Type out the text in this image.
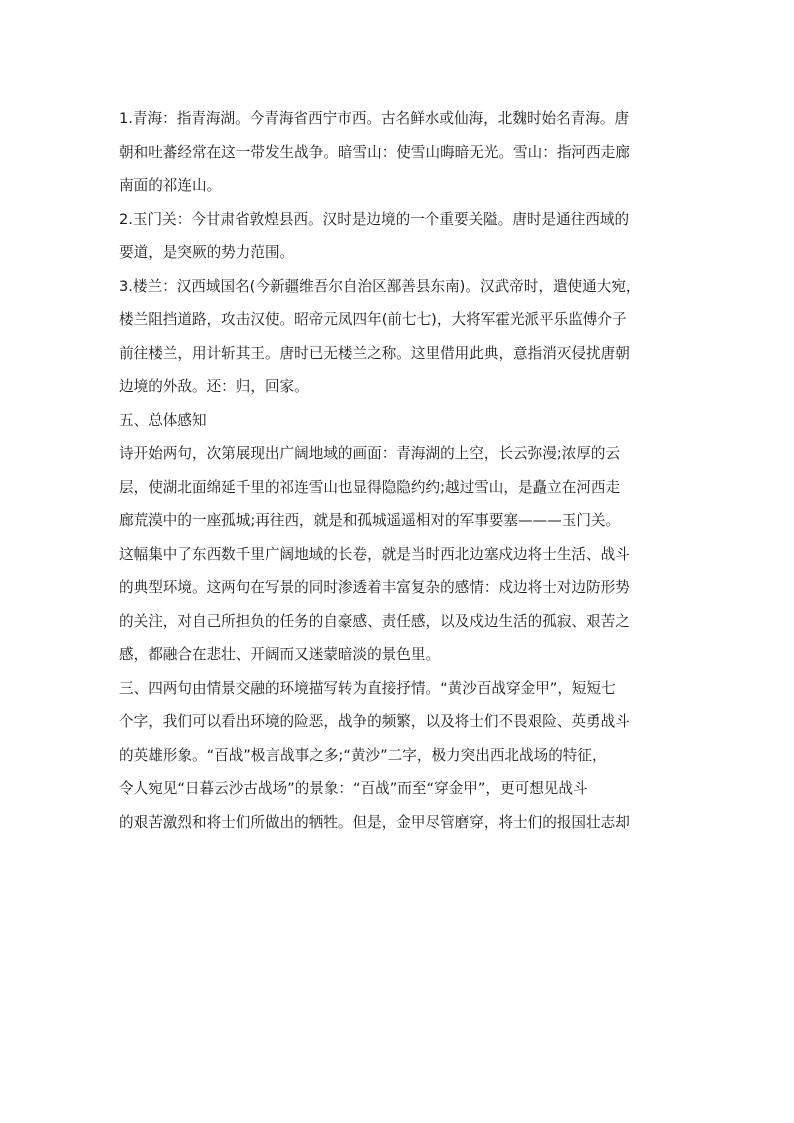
1.青海：指青海湖。今青海省西宁市西。古名鲜水或仙海，北魏时始名青海。唐
朝和吐蕃经常在这一带发生战争。暗雪山：使雪山晦暗无光。雪山：指河西走廊
南面的祁连山。
2.玉门关：今甘肃省敦煌县西。汉时是边境的一个重要关隘。唐时是通往西域的
要道，是突厥的势力范围。
3.楼兰：汉西域国名(今新疆维吾尔自治区鄯善县东南)。汉武帝时，遣使通大宛，
楼兰阻挡道路，攻击汉使。昭帝元凤四年(前七七)，大将军霍光派平乐监傅介子
前往楼兰，用计斩其王。唐时已无楼兰之称。这里借用此典，意指消灭侵扰唐朝
边境的外敌。还：归，回家。
五、总体感知
诗开始两句，次第展现出广阔地域的画面：青海湖的上空，长云弥漫;浓厚的云
层，使湖北面绵延千里的祁连雪山也显得隐隐约约;越过雪山，是矗立在河西走
廊荒漠中的一座孤城;再往西，就是和孤城遥遥相对的军事要塞———玉门关。
这幅集中了东西数千里广阔地域的长卷，就是当时西北边塞戍边将士生活、战斗
的典型环境。这两句在写景的同时渗透着丰富复杂的感情：戍边将士对边防形势
的关注，对自己所担负的任务的自豪感、责任感，以及戍边生活的孤寂、艰苦之
感，都融合在悲壮、开阔而又迷蒙暗淡的景色里。
三、四两句由情景交融的环境描写转为直接抒情。“黄沙百战穿金甲”，短短七
个字，我们可以看出环境的险恶，战争的频繁，以及将士们不畏艰险、英勇战斗
的英雄形象。“百战”极言战事之多;“黄沙”二字，极力突出西北战场的特征，
令人宛见“日暮云沙古战场”的景象：“百战”而至“穿金甲”，更可想见战斗
的艰苦激烈和将士们所做出的牺牲。但是，金甲尽管磨穿，将士们的报国壮志却
